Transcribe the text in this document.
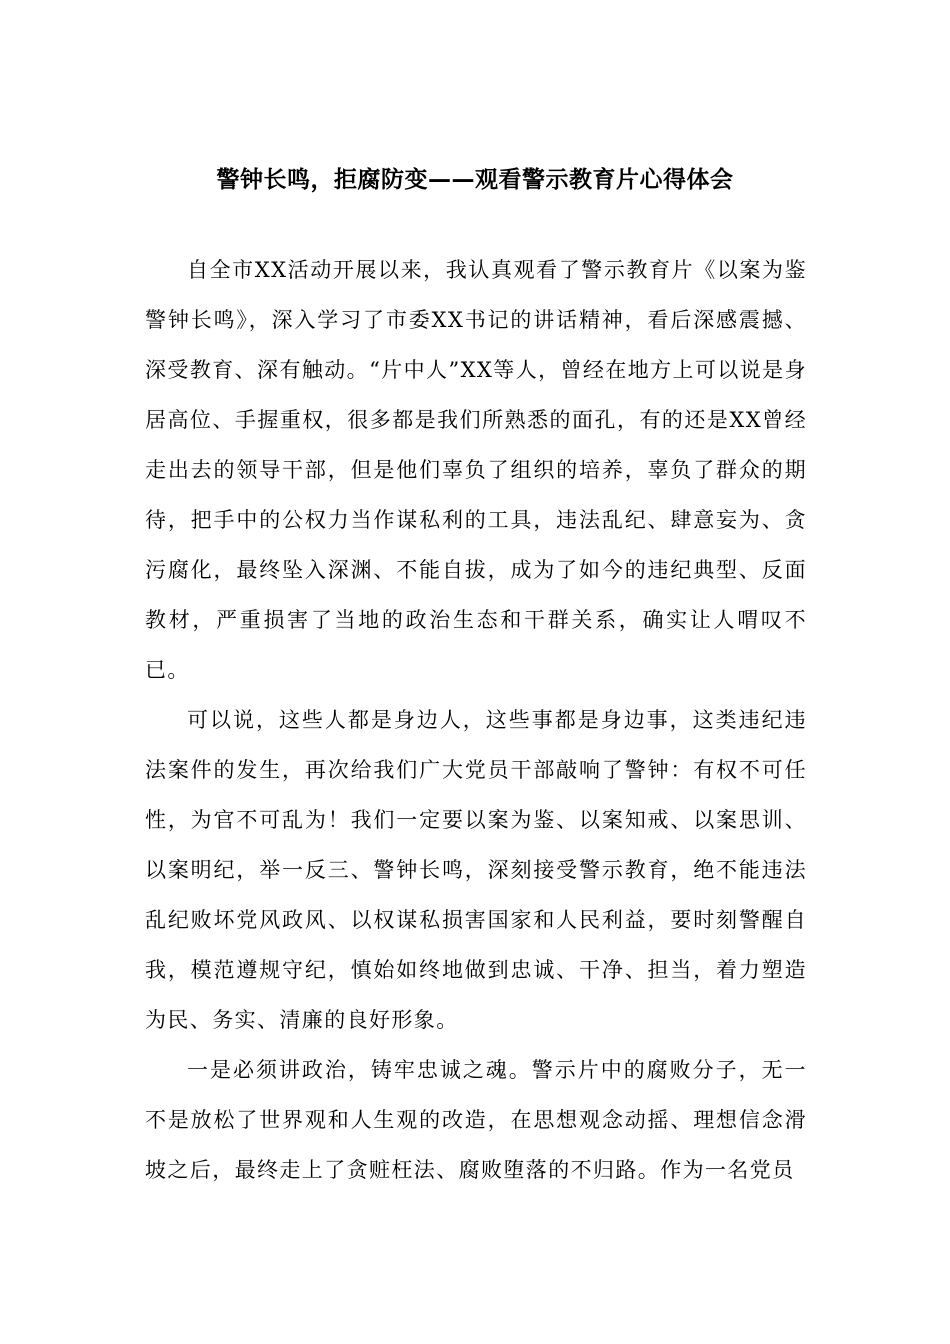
警钟长鸣，拒腐防变——观看警示教育片心得体会

自全市XX活动开展以来，我认真观看了警示教育片《以案为鉴 警钟长鸣》，深入学习了市委XX书记的讲话精神，看后深感震撼、深受教育、深有触动。“片中人”XX等人，曾经在地方上可以说是身居高位、手握重权，很多都是我们所熟悉的面孔，有的还是XX曾经走出去的领导干部，但是他们辜负了组织的培养，辜负了群众的期待，把手中的公权力当作谋私利的工具，违法乱纪、肆意妄为、贪污腐化，最终坠入深渊、不能自拔，成为了如今的违纪典型、反面教材，严重损害了当地的政治生态和干群关系，确实让人喟叹不已。

可以说，这些人都是身边人，这些事都是身边事，这类违纪违法案件的发生，再次给我们广大党员干部敲响了警钟：有权不可任性，为官不可乱为！我们一定要以案为鉴、以案知戒、以案思训、以案明纪，举一反三、警钟长鸣，深刻接受警示教育，绝不能违法乱纪败坏党风政风、以权谋私损害国家和人民利益，要时刻警醒自我，模范遵规守纪，慎始如终地做到忠诚、干净、担当，着力塑造为民、务实、清廉的良好形象。

一是必须讲政治，铸牢忠诚之魂。警示片中的腐败分子，无一不是放松了世界观和人生观的改造，在思想观念动摇、理想信念滑坡之后，最终走上了贪赃枉法、腐败堕落的不归路。作为一名党员
